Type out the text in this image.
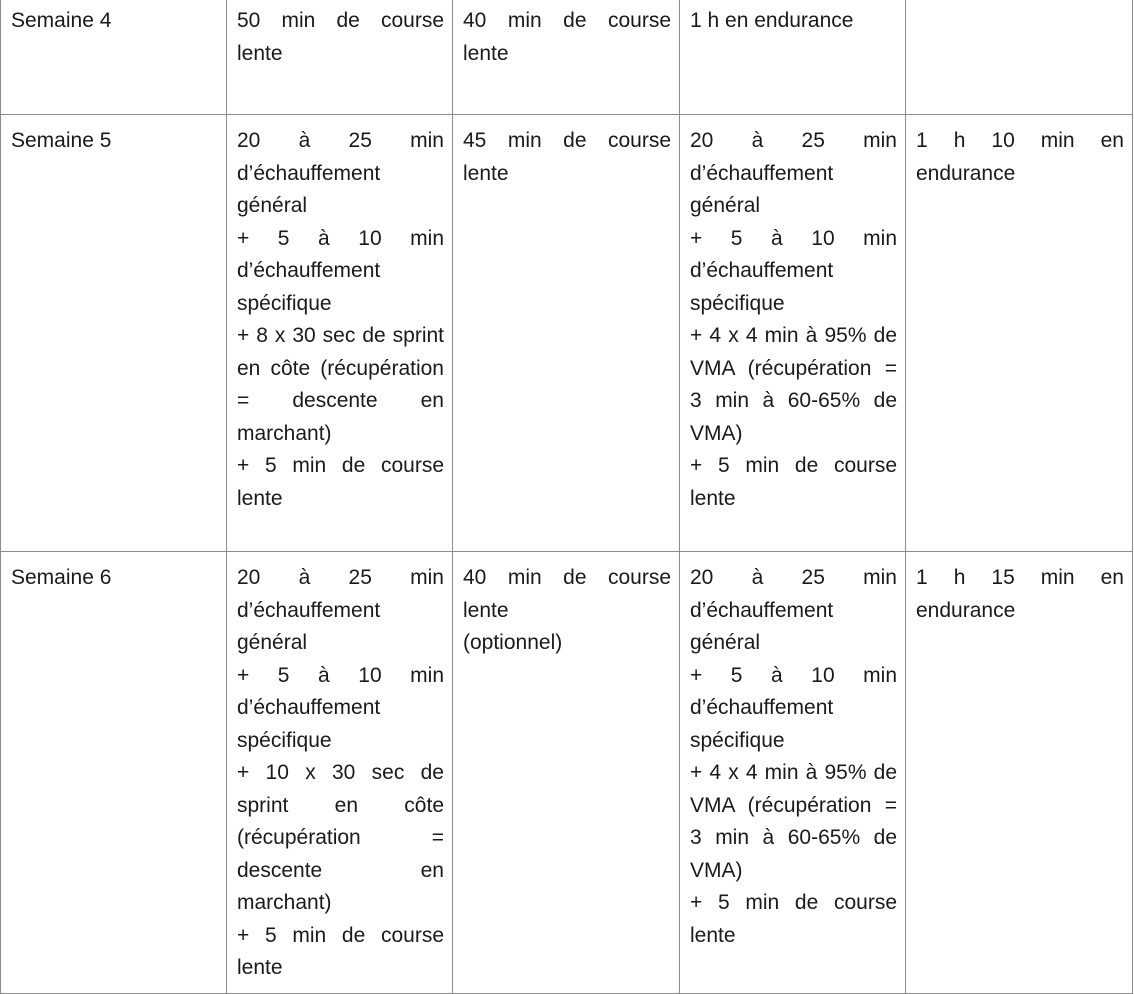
Semaine 4	50 min de course lente	40 min de course lente	1 h en endurance	

Semaine 5	20 à 25 min d’échauffement général
+ 5 à 10 min d’échauffement spécifique
+ 8 x 30 sec de sprint en côte (récupération = descente en marchant)
+ 5 min de course lente	45 min de course lente	20 à 25 min d’échauffement général
+ 5 à 10 min d’échauffement spécifique
+ 4 x 4 min à 95% de VMA (récupération = 3 min à 60-65% de VMA)
+ 5 min de course lente	1 h 10 min en endurance

Semaine 6	20 à 25 min d’échauffement général
+ 5 à 10 min d’échauffement spécifique
+ 10 x 30 sec de sprint en côte (récupération = descente en marchant)
+ 5 min de course lente	40 min de course lente
(optionnel)	20 à 25 min d’échauffement général
+ 5 à 10 min d’échauffement spécifique
+ 4 x 4 min à 95% de VMA (récupération = 3 min à 60-65% de VMA)
+ 5 min de course lente	1 h 15 min en endurance
